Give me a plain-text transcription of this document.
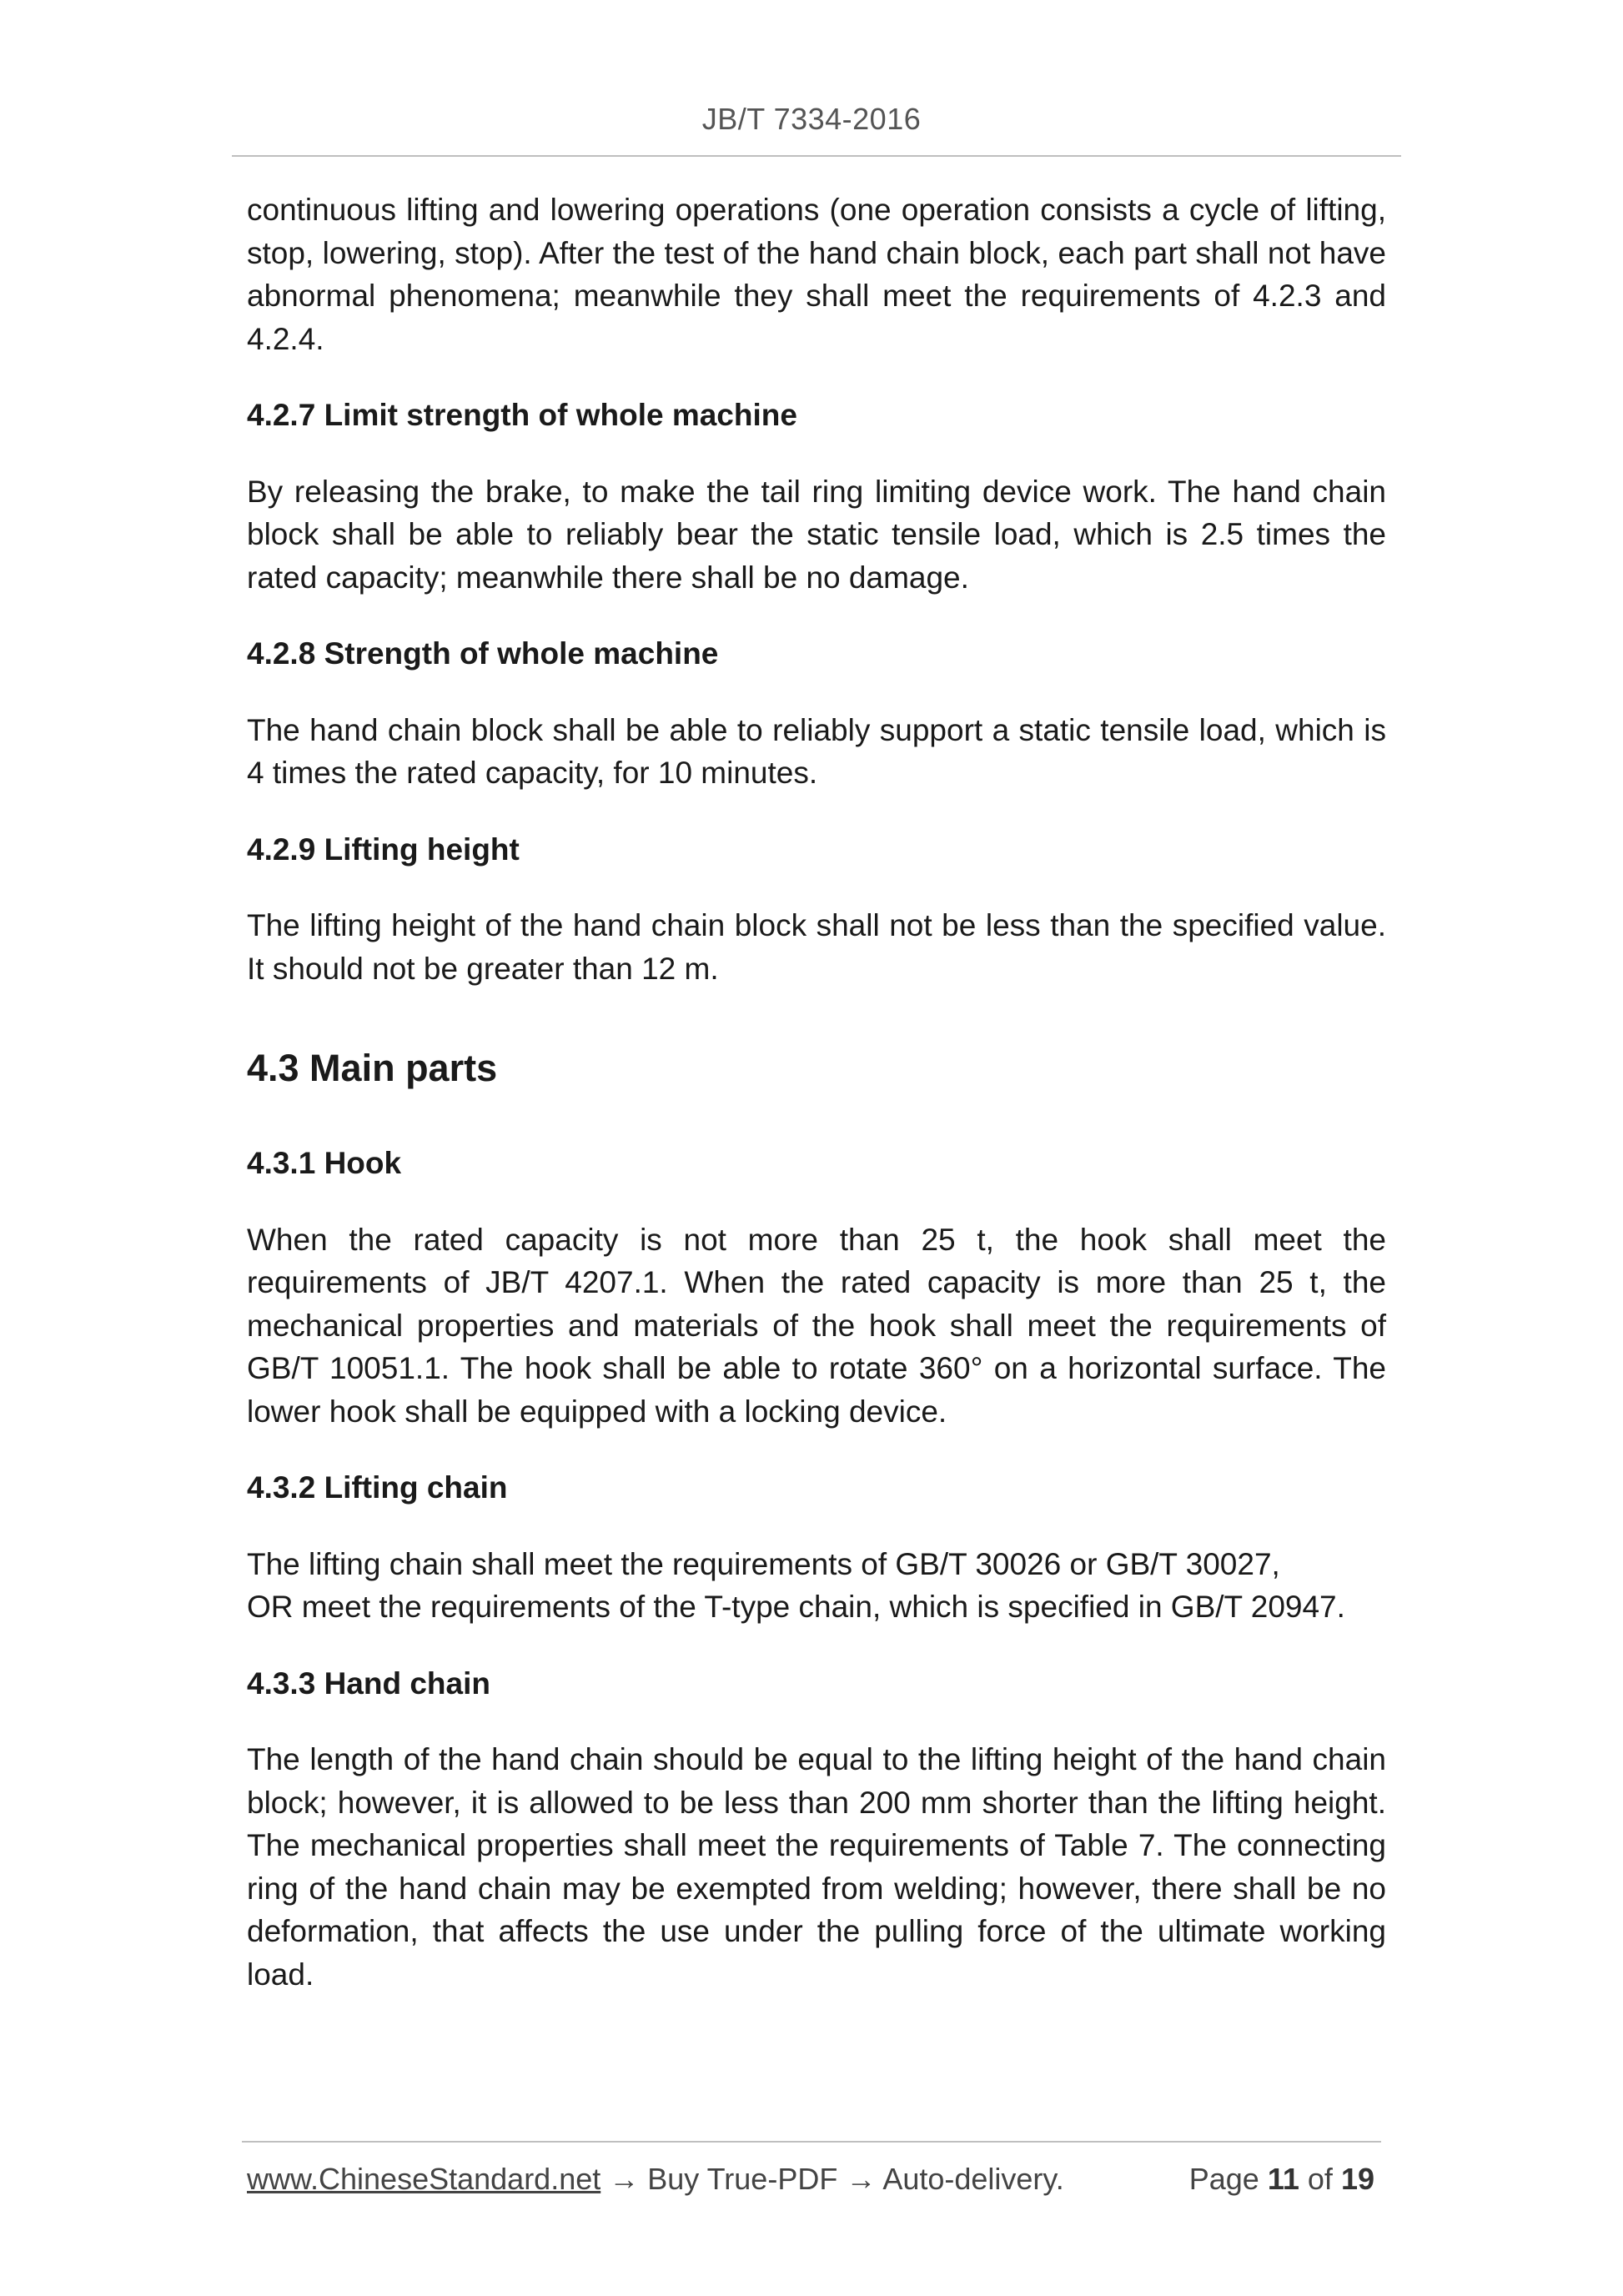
JB/T 7334-2016

continuous lifting and lowering operations (one operation consists a cycle of lifting, stop, lowering, stop). After the test of the hand chain block, each part shall not have abnormal phenomena; meanwhile they shall meet the requirements of 4.2.3 and 4.2.4.

4.2.7 Limit strength of whole machine

By releasing the brake, to make the tail ring limiting device work. The hand chain block shall be able to reliably bear the static tensile load, which is 2.5 times the rated capacity; meanwhile there shall be no damage.

4.2.8 Strength of whole machine

The hand chain block shall be able to reliably support a static tensile load, which is 4 times the rated capacity, for 10 minutes.

4.2.9 Lifting height

The lifting height of the hand chain block shall not be less than the specified value. It should not be greater than 12 m.

4.3 Main parts

4.3.1 Hook

When the rated capacity is not more than 25 t, the hook shall meet the requirements of JB/T 4207.1. When the rated capacity is more than 25 t, the mechanical properties and materials of the hook shall meet the requirements of GB/T 10051.1. The hook shall be able to rotate 360° on a horizontal surface. The lower hook shall be equipped with a locking device.

4.3.2 Lifting chain

The lifting chain shall meet the requirements of GB/T 30026 or GB/T 30027,

OR meet the requirements of the T-type chain, which is specified in GB/T 20947.

4.3.3 Hand chain

The length of the hand chain should be equal to the lifting height of the hand chain block; however, it is allowed to be less than 200 mm shorter than the lifting height. The mechanical properties shall meet the requirements of Table 7. The connecting ring of the hand chain may be exempted from welding; however, there shall be no deformation, that affects the use under the pulling force of the ultimate working load.

www.ChineseStandard.net → Buy True-PDF → Auto-delivery.	Page 11 of 19
